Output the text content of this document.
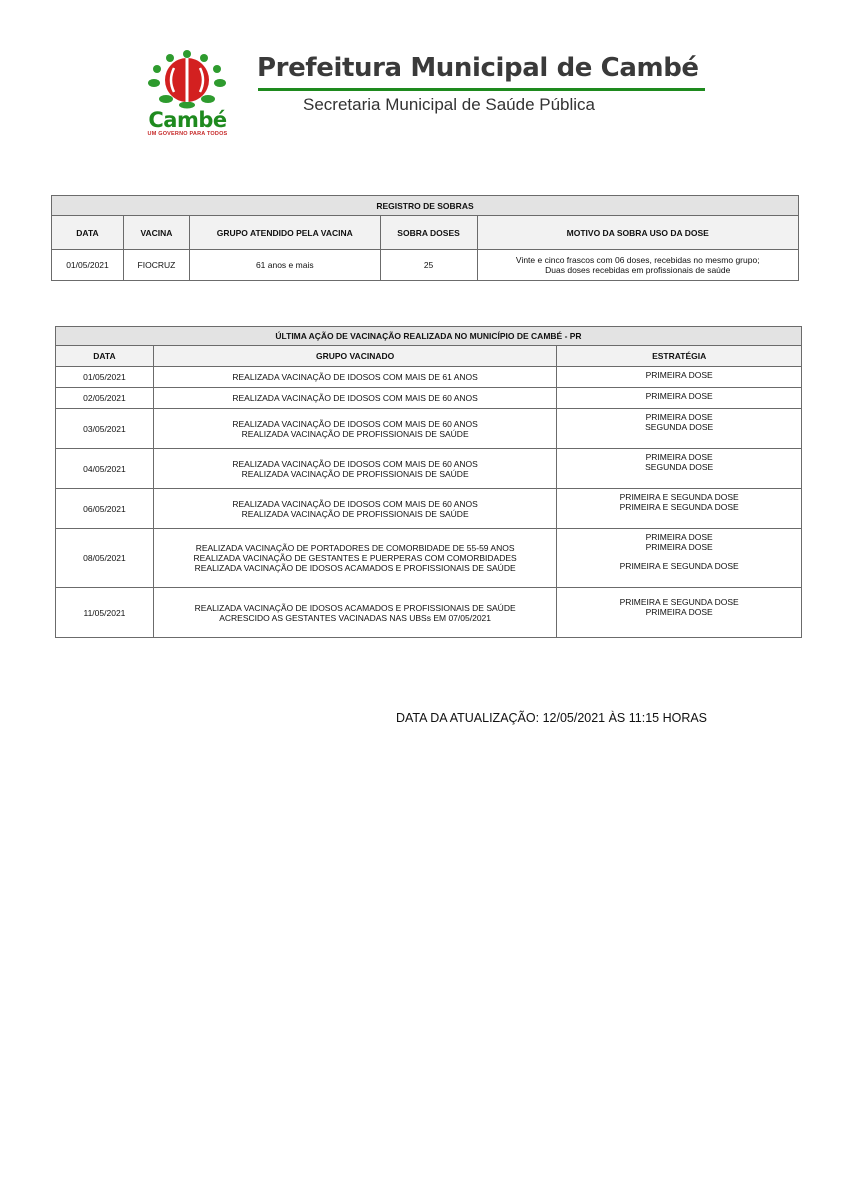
Cambé
UM GOVERNO PARA TODOS
Prefeitura Municipal de Cambé
Secretaria Municipal de Saúde Pública
REGISTRO DE SOBRAS				
DATA	VACINA	GRUPO ATENDIDO PELA VACINA	SOBRA DOSES	MOTIVO DA SOBRA USO DA DOSE
01/05/2021	FIOCRUZ	61 anos e mais	25	Vinte e cinco frascos com 06 doses, recebidas no mesmo grupo;
Duas doses recebidas em profissionais de saúde
ÚLTIMA AÇÃO DE VACINAÇÃO REALIZADA NO MUNICÍPIO DE CAMBÉ - PR		
DATA	GRUPO VACINADO	ESTRATÉGIA
01/05/2021	REALIZADA VACINAÇÃO DE IDOSOS COM MAIS DE 61 ANOS	PRIMEIRA DOSE

02/05/2021	REALIZADA VACINAÇÃO DE IDOSOS COM MAIS DE 60 ANOS	PRIMEIRA DOSE

03/05/2021	REALIZADA VACINAÇÃO DE IDOSOS COM MAIS DE 60 ANOS
REALIZADA VACINAÇÃO DE PROFISSIONAIS DE SAÚDE	PRIMEIRA DOSE
SEGUNDA DOSE

04/05/2021	REALIZADA VACINAÇÃO DE IDOSOS COM MAIS DE 60 ANOS
REALIZADA VACINAÇÃO DE PROFISSIONAIS DE SAÚDE	PRIMEIRA DOSE
SEGUNDA DOSE

06/05/2021	REALIZADA VACINAÇÃO DE IDOSOS COM MAIS DE 60 ANOS
REALIZADA VACINAÇÃO DE PROFISSIONAIS DE SAÚDE	PRIMEIRA E SEGUNDA DOSE
PRIMEIRA E SEGUNDA DOSE

08/05/2021	REALIZADA VACINAÇÃO DE PORTADORES DE COMORBIDADE DE 55-59 ANOS
REALIZADA VACINAÇÃO DE GESTANTES E PUERPERAS COM COMORBIDADES
REALIZADA VACINAÇÃO DE IDOSOS ACAMADOS E PROFISSIONAIS DE SAÚDE	PRIMEIRA DOSE
PRIMEIRA DOSE
PRIMEIRA E SEGUNDA DOSE

11/05/2021	REALIZADA VACINAÇÃO DE IDOSOS ACAMADOS E PROFISSIONAIS DE SAÚDE
ACRESCIDO AS GESTANTES VACINADAS NAS UBSs EM 07/05/2021	PRIMEIRA E SEGUNDA DOSE
PRIMEIRA DOSE
DATA DA ATUALIZAÇÃO: 12/05/2021 ÀS 11:15 HORAS
